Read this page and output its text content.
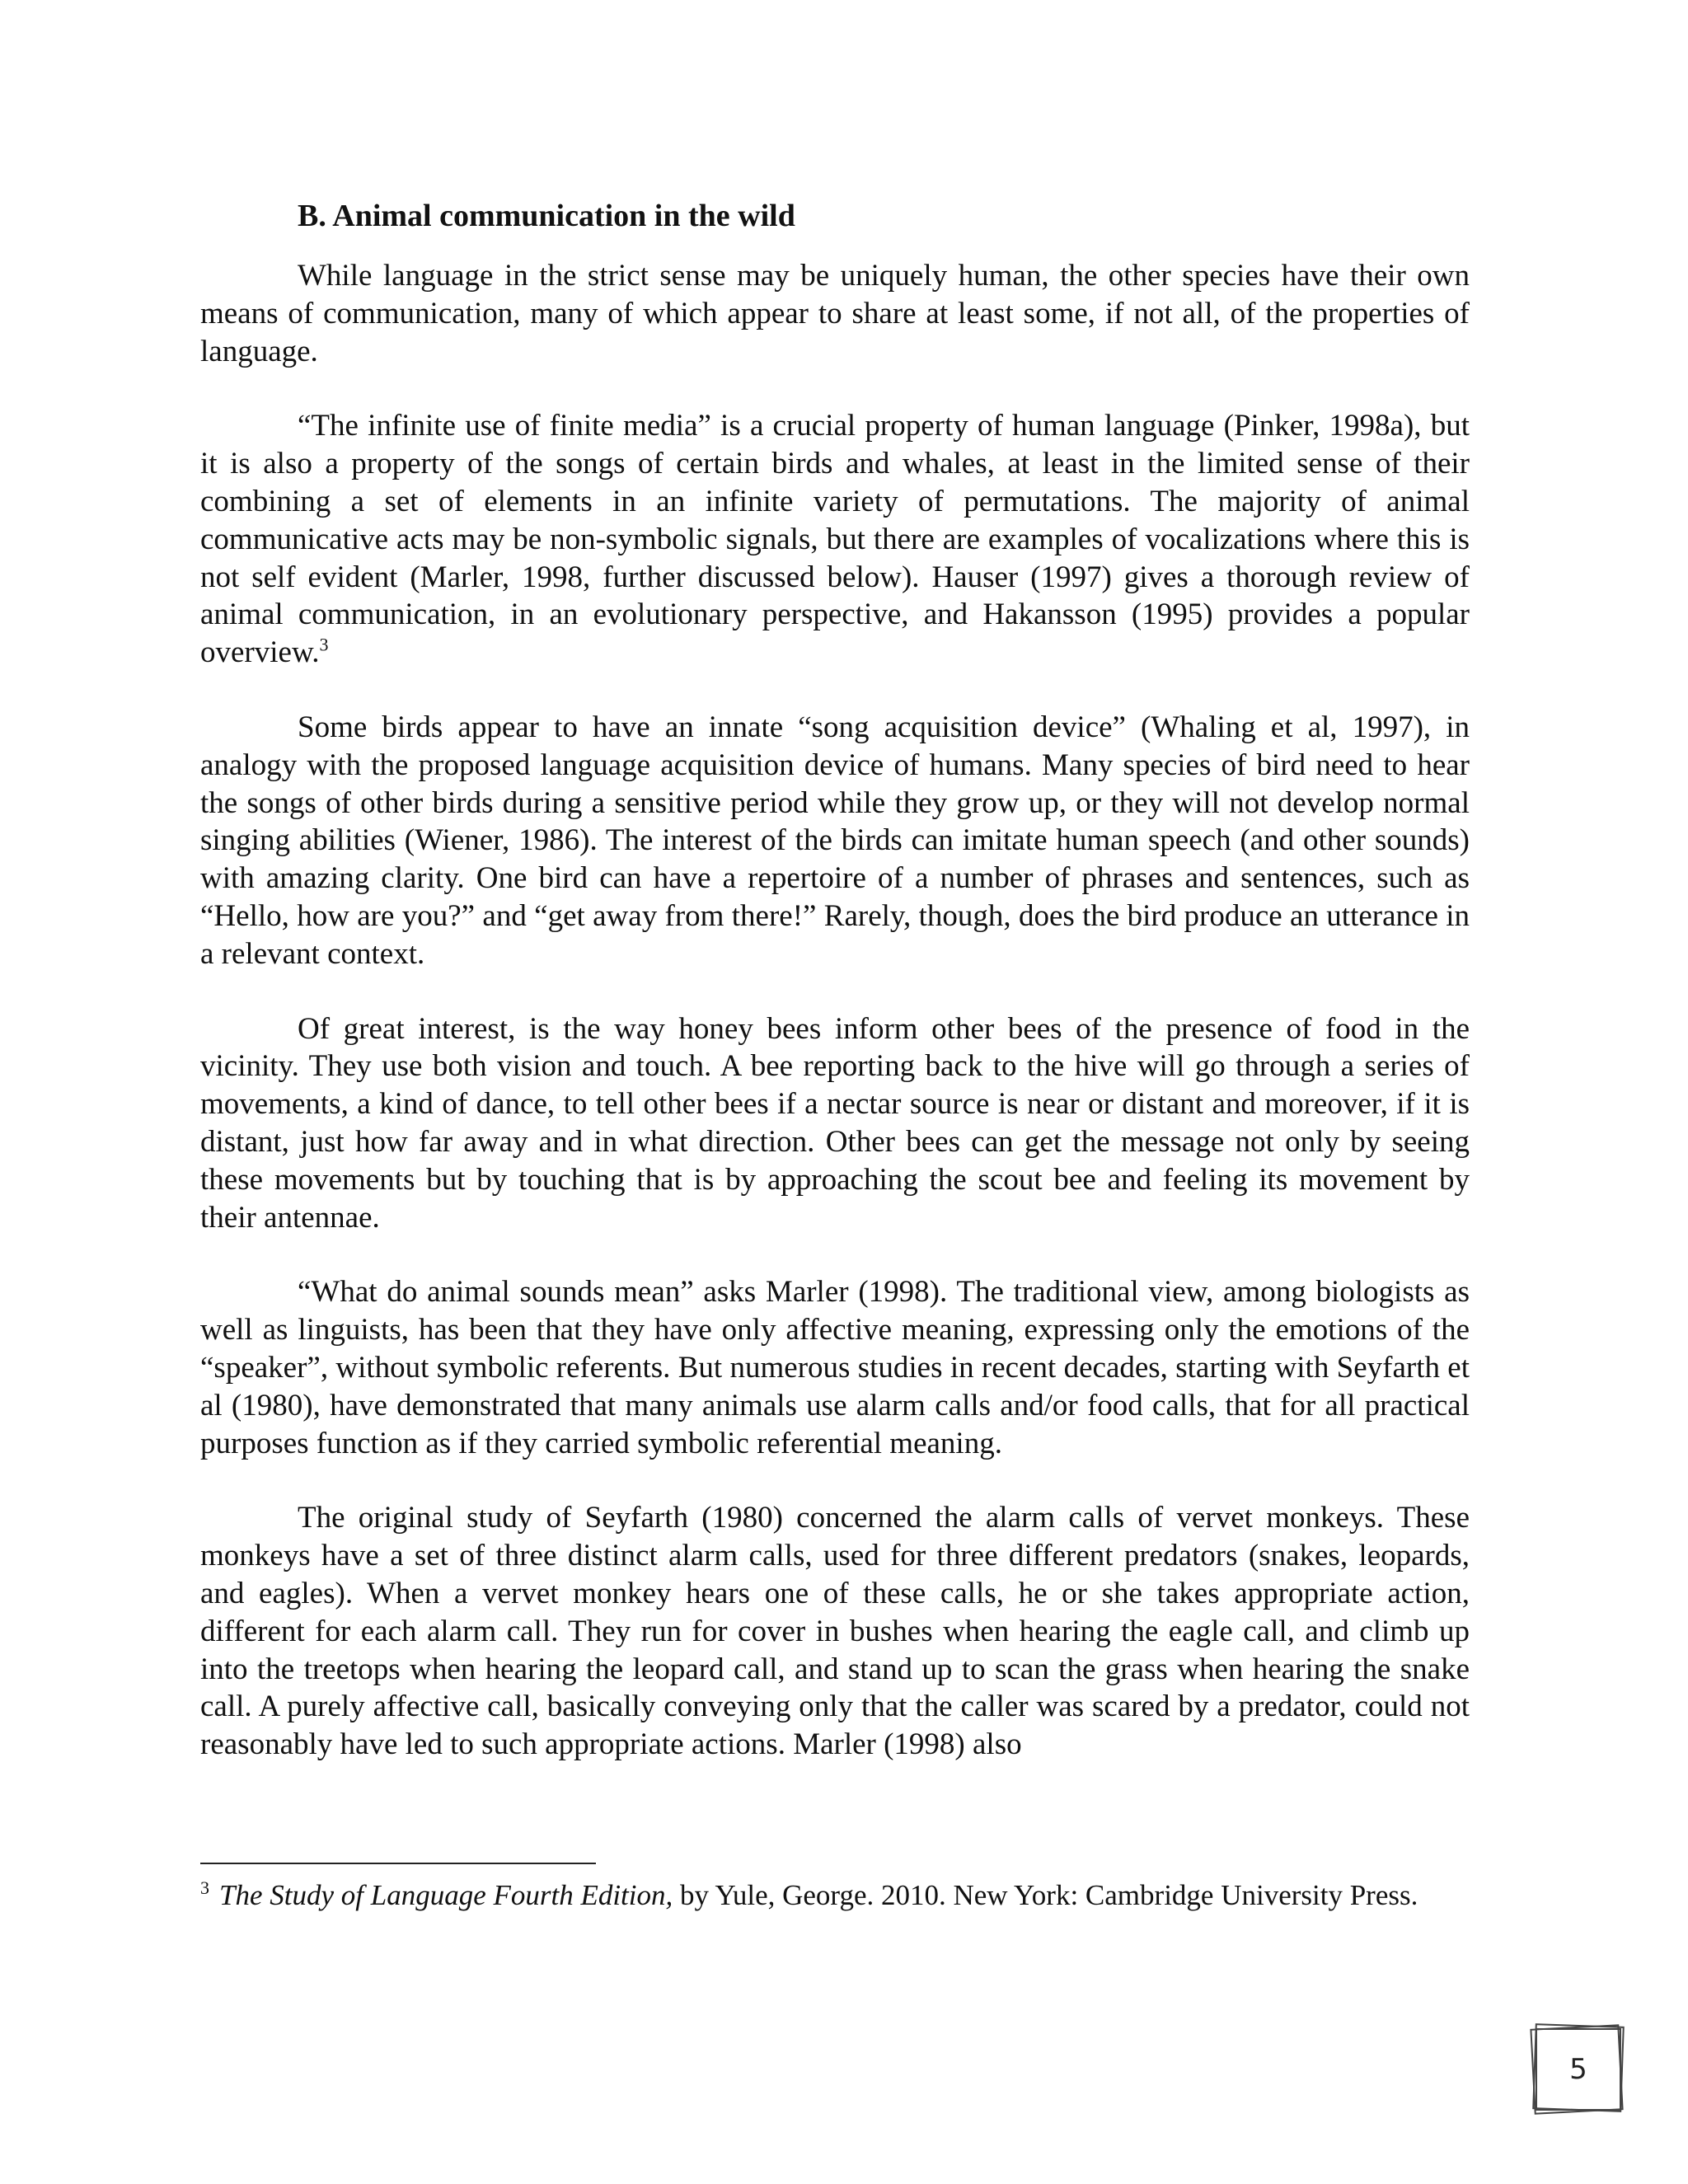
B. Animal communication in the wild

While language in the strict sense may be uniquely human, the other species have their own means of communication, many of which appear to share at least some, if not all, of the properties of language.

“The infinite use of finite media” is a crucial property of human language (Pinker, 1998a), but it is also a property of the songs of certain birds and whales, at least in the limited sense of their combining a set of elements in an infinite variety of permutations. The majority of animal communicative acts may be non-symbolic signals, but there are examples of vocalizations where this is not self evident (Marler, 1998, further discussed below). Hauser (1997) gives a thorough review of animal communication, in an evolutionary perspective, and Hakansson (1995) provides a popular overview.$^3$

Some birds appear to have an innate “song acquisition device” (Whaling et al, 1997), in analogy with the proposed language acquisition device of humans. Many species of bird need to hear the songs of other birds during a sensitive period while they grow up, or they will not develop normal singing abilities (Wiener, 1986). The interest of the birds can imitate human speech (and other sounds) with amazing clarity. One bird can have a repertoire of a number of phrases and sentences, such as “Hello, how are you?” and “get away from there!” Rarely, though, does the bird produce an utterance in a relevant context.

Of great interest, is the way honey bees inform other bees of the presence of food in the vicinity. They use both vision and touch. A bee reporting back to the hive will go through a series of movements, a kind of dance, to tell other bees if a nectar source is near or distant and moreover, if it is distant, just how far away and in what direction. Other bees can get the message not only by seeing these movements but by touching that is by approaching the scout bee and feeling its movement by their antennae.

“What do animal sounds mean” asks Marler (1998). The traditional view, among biologists as well as linguists, has been that they have only affective meaning, expressing only the emotions of the “speaker”, without symbolic referents. But numerous studies in recent decades, starting with Seyfarth et al (1980), have demonstrated that many animals use alarm calls and/or food calls, that for all practical purposes function as if they carried symbolic referential meaning.

The original study of Seyfarth (1980) concerned the alarm calls of vervet monkeys. These monkeys have a set of three distinct alarm calls, used for three different predators (snakes, leopards, and eagles). When a vervet monkey hears one of these calls, he or she takes appropriate action, different for each alarm call. They run for cover in bushes when hearing the eagle call, and climb up into the treetops when hearing the leopard call, and stand up to scan the grass when hearing the snake call. A purely affective call, basically conveying only that the caller was scared by a predator, could not reasonably have led to such appropriate actions. Marler (1998) also

$^3$ The Study of Language Fourth Edition, by Yule, George. 2010. New York: Cambridge University Press.
5
